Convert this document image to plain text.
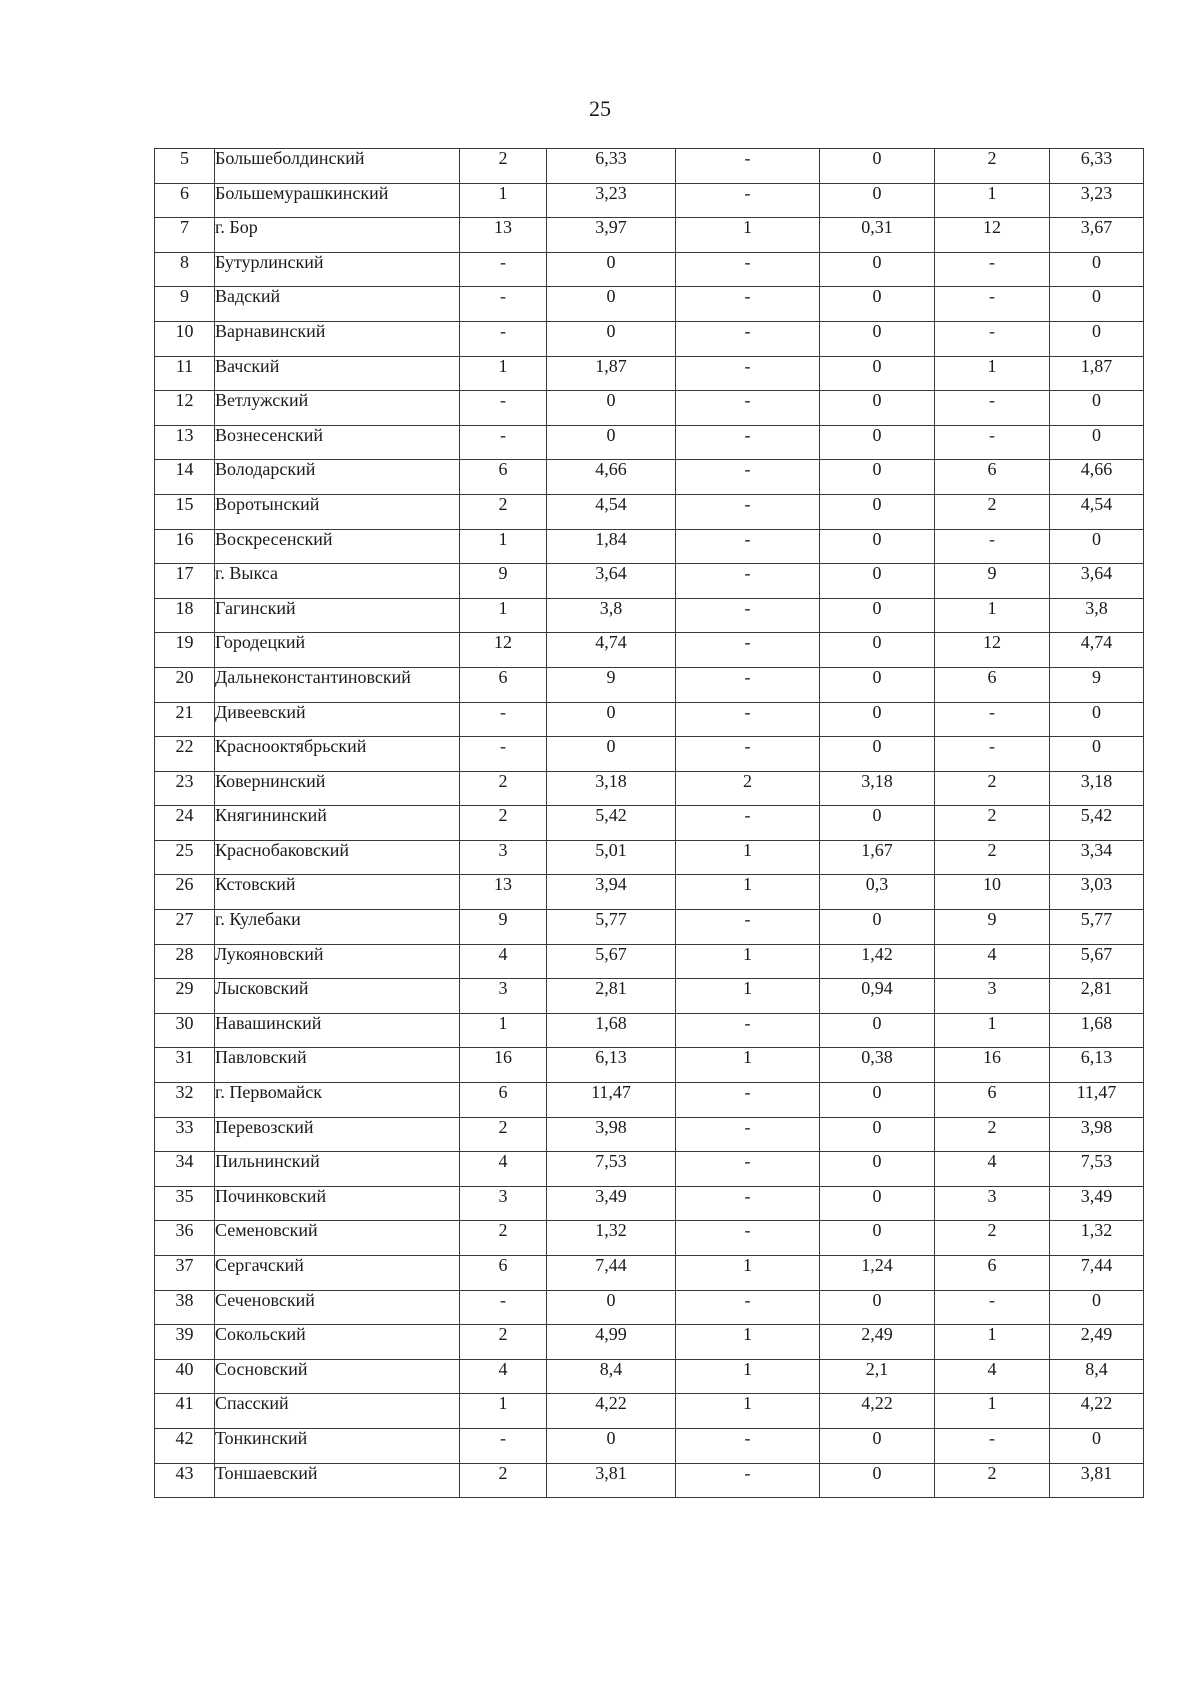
25
5	Большеболдинский	2	6,33	-	0	2	6,33
6	Большемурашкинский	1	3,23	-	0	1	3,23
7	г. Бор	13	3,97	1	0,31	12	3,67
8	Бутурлинский	-	0	-	0	-	0
9	Вадский	-	0	-	0	-	0
10	Варнавинский	-	0	-	0	-	0
11	Вачский	1	1,87	-	0	1	1,87
12	Ветлужский	-	0	-	0	-	0
13	Вознесенский	-	0	-	0	-	0
14	Володарский	6	4,66	-	0	6	4,66
15	Воротынский	2	4,54	-	0	2	4,54
16	Воскресенский	1	1,84	-	0	-	0
17	г. Выкса	9	3,64	-	0	9	3,64
18	Гагинский	1	3,8	-	0	1	3,8
19	Городецкий	12	4,74	-	0	12	4,74
20	Дальнеконстантиновский	6	9	-	0	6	9
21	Дивеевский	-	0	-	0	-	0
22	Краснооктябрьский	-	0	-	0	-	0
23	Ковернинский	2	3,18	2	3,18	2	3,18
24	Княгининский	2	5,42	-	0	2	5,42
25	Краснобаковский	3	5,01	1	1,67	2	3,34
26	Кстовский	13	3,94	1	0,3	10	3,03
27	г. Кулебаки	9	5,77	-	0	9	5,77
28	Лукояновский	4	5,67	1	1,42	4	5,67
29	Лысковский	3	2,81	1	0,94	3	2,81
30	Навашинский	1	1,68	-	0	1	1,68
31	Павловский	16	6,13	1	0,38	16	6,13
32	г. Первомайск	6	11,47	-	0	6	11,47
33	Перевозский	2	3,98	-	0	2	3,98
34	Пильнинский	4	7,53	-	0	4	7,53
35	Починковский	3	3,49	-	0	3	3,49
36	Семеновский	2	1,32	-	0	2	1,32
37	Сергачский	6	7,44	1	1,24	6	7,44
38	Сеченовский	-	0	-	0	-	0
39	Сокольский	2	4,99	1	2,49	1	2,49
40	Сосновский	4	8,4	1	2,1	4	8,4
41	Спасский	1	4,22	1	4,22	1	4,22
42	Тонкинский	-	0	-	0	-	0
43	Тоншаевский	2	3,81	-	0	2	3,81
